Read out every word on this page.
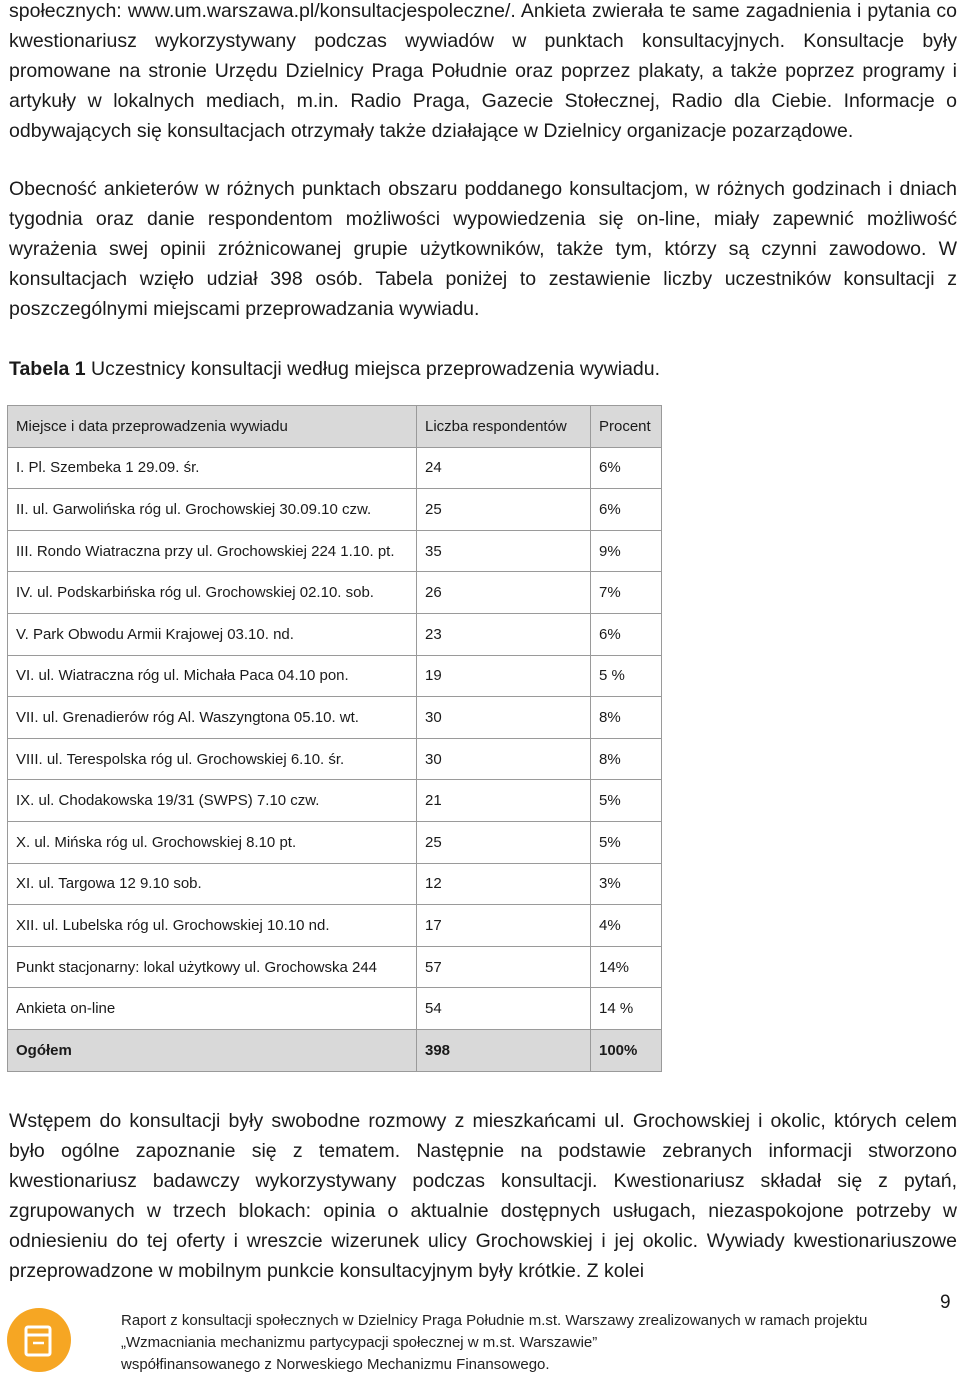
społecznych: www.um.warszawa.pl/konsultacjespoleczne/. Ankieta zwierała te same zagadnienia i pytania co kwestionariusz wykorzystywany podczas wywiadów w punktach konsultacyjnych. Konsultacje były promowane na stronie Urzędu Dzielnicy Praga Południe oraz poprzez plakaty, a także poprzez programy i artykuły w lokalnych mediach, m.in. Radio Praga, Gazecie Stołecznej, Radio dla Ciebie. Informacje o odbywających się konsultacjach otrzymały także działające w Dzielnicy organizacje pozarządowe.

Obecność ankieterów w różnych punktach obszaru poddanego konsultacjom, w różnych godzinach i dniach tygodnia oraz danie respondentom możliwości wypowiedzenia się on-line, miały zapewnić możliwość wyrażenia swej opinii zróżnicowanej grupie użytkowników, także tym, którzy są czynni zawodowo. W konsultacjach wzięło udział 398 osób. Tabela poniżej to zestawienie liczby uczestników konsultacji z poszczególnymi miejscami przeprowadzania wywiadu.

Tabela 1 Uczestnicy konsultacji według miejsca przeprowadzenia wywiadu.

Miejsce i data przeprowadzenia wywiadu	Liczba respondentów	Procent
I. Pl. Szembeka 1 29.09. śr.	24	6%
II. ul. Garwolińska róg ul. Grochowskiej 30.09.10 czw.	25	6%
III. Rondo Wiatraczna przy ul. Grochowskiej 224 1.10. pt.	35	9%
IV. ul. Podskarbińska róg ul. Grochowskiej 02.10. sob.	26	7%
V. Park Obwodu Armii Krajowej 03.10. nd.	23	6%
VI. ul. Wiatraczna róg ul. Michała Paca 04.10 pon.	19	5 %
VII. ul. Grenadierów róg Al. Waszyngtona 05.10. wt.	30	8%
VIII. ul. Terespolska róg ul. Grochowskiej 6.10. śr.	30	8%
IX. ul. Chodakowska 19/31 (SWPS) 7.10 czw.	21	5%
X. ul. Mińska róg ul. Grochowskiej 8.10 pt.	25	5%
XI. ul. Targowa 12 9.10 sob.	12	3%
XII. ul. Lubelska róg ul. Grochowskiej 10.10 nd.	17	4%
Punkt stacjonarny: lokal użytkowy ul. Grochowska 244	57	14%
Ankieta on-line	54	14 %
Ogółem	398	100%

Wstępem do konsultacji były swobodne rozmowy z mieszkańcami ul. Grochowskiej i okolic, których celem było ogólne zapoznanie się z tematem. Następnie na podstawie zebranych informacji stworzono kwestionariusz badawczy wykorzystywany podczas konsultacji. Kwestionariusz składał się z pytań, zgrupowanych w trzech blokach: opinia o aktualnie dostępnych usługach, niezaspokojone potrzeby w odniesieniu do tej oferty i wreszcie wizerunek ulicy Grochowskiej i jej okolic. Wywiady kwestionariuszowe przeprowadzone w mobilnym punkcie konsultacyjnym były krótkie. Z kolei

Raport z konsultacji społecznych w Dzielnicy Praga Południe m.st. Warszawy zrealizowanych w ramach projektu
„Wzmacniania mechanizmu partycypacji społecznej w m.st. Warszawie”
współfinansowanego z Norweskiego Mechanizmu Finansowego.
9
